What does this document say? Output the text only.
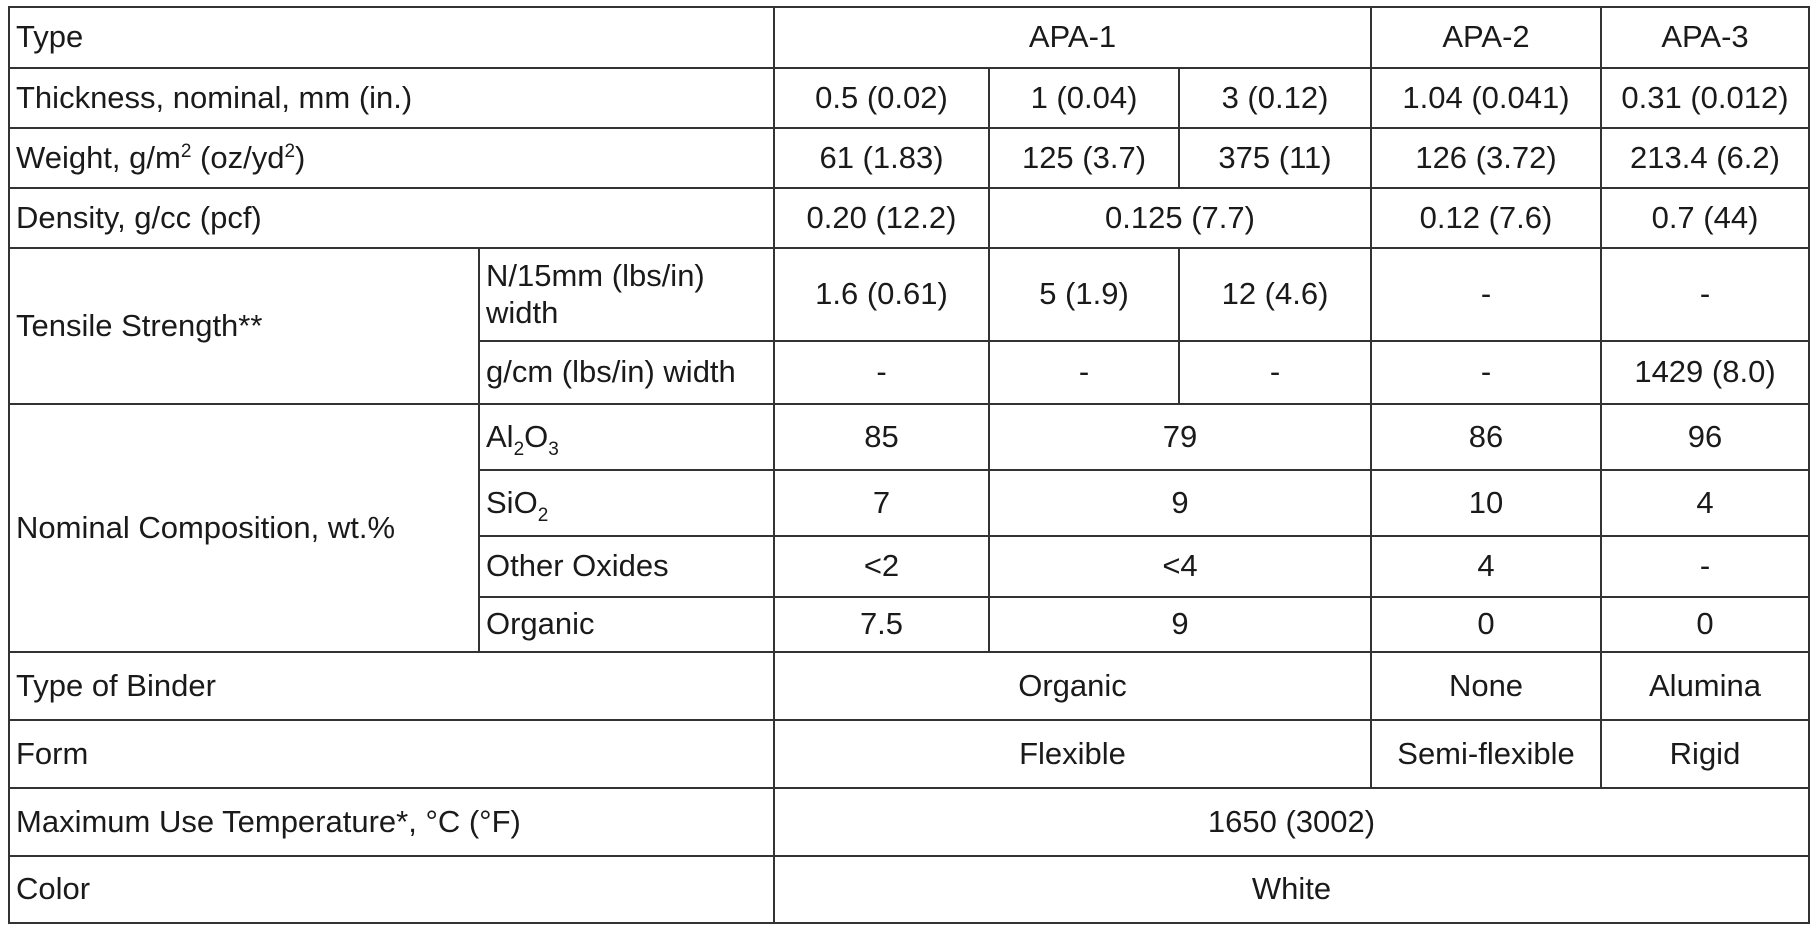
Type		APA-1			APA-2	APA-3
Thickness, nominal, mm (in.)		0.5 (0.02)	1 (0.04)	3 (0.12)	1.04 (0.041)	0.31 (0.012)
Weight, $g/m^2$ $(oz/yd^2)$		61 (1.83)	125 (3.7)	375 (11)	126 (3.72)	213.4 (6.2)
Density, g/cc (pcf)		0.20 (12.2)	0.125 (7.7)		0.12 (7.6)	0.7 (44)
Tensile Strength**	N/15mm (lbs/in) width	1.6 (0.61)	5 (1.9)	12 (4.6)	-	-
	g/cm (lbs/in) width	-	-	-	-	1429 (8.0)
Nominal Composition, wt.%	$Al_2O_3$	85	79		86	96
	SiO$_2$	7	9		10	4
	Other Oxides	<2	<4		4	-
	Organic	7.5	9		0	0
Type of Binder		Organic			None	Alumina
Form		Flexible			Semi-flexible	Rigid
Maximum Use Temperature*, °C (°F)		1650 (3002)				
Color		White				
